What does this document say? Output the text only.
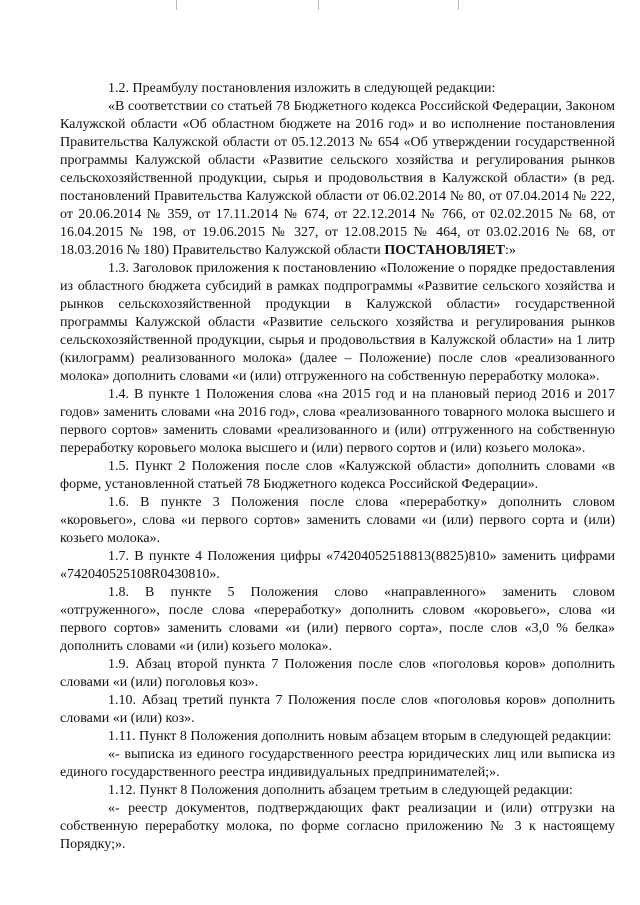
1.2. Преамбулу постановления изложить в следующей редакции:

«В соответствии со статьей 78 Бюджетного кодекса Российской Федерации, Законом Калужской области «Об областном бюджете на 2016 год» и во исполнение постановления Правительства Калужской области от 05.12.2013 № 654 «Об утверждении государственной программы Калужской области «Развитие сельского хозяйства и регулирования рынков сельскохозяйственной продукции, сырья и продовольствия в Калужской области» (в ред. постановлений Правительства Калужской области от 06.02.2014 № 80, от 07.04.2014 № 222, от 20.06.2014 № 359, от 17.11.2014 № 674, от 22.12.2014 № 766, от 02.02.2015 № 68, от 16.04.2015 № 198, от 19.06.2015 № 327, от 12.08.2015 № 464, от 03.02.2016 № 68, от 18.03.2016 № 180) Правительство Калужской области ПОСТАНОВЛЯЕТ:»

1.3. Заголовок приложения к постановлению «Положение о порядке предоставления из областного бюджета субсидий в рамках подпрограммы «Развитие сельского хозяйства и рынков сельскохозяйственной продукции в Калужской области» государственной программы Калужской области «Развитие сельского хозяйства и регулирования рынков сельскохозяйственной продукции, сырья и продовольствия в Калужской области» на 1 литр (килограмм) реализованного молока» (далее – Положение) после слов «реализованного молока» дополнить словами «и (или) отгруженного на собственную переработку молока».

1.4. В пункте 1 Положения слова «на 2015 год и на плановый период 2016 и 2017 годов» заменить словами «на 2016 год», слова «реализованного товарного молока высшего и первого сортов» заменить словами «реализованного и (или) отгруженного на собственную переработку коровьего молока высшего и (или) первого сортов и (или) козьего молока».

1.5. Пункт 2 Положения после слов «Калужской области» дополнить словами «в форме, установленной статьей 78 Бюджетного кодекса Российской Федерации».

1.6. В пункте 3 Положения после слова «переработку» дополнить словом «коровьего», слова «и первого сортов» заменить словами «и (или) первого сорта и (или) козьего молока».

1.7. В пункте 4 Положения цифры «74204052518813(8825)810» заменить цифрами «742040525108R0430810».

1.8. В пункте 5 Положения слово «направленного» заменить словом «отгруженного», после слова «переработку» дополнить словом «коровьего», слова «и первого сортов» заменить словами «и (или) первого сорта», после слов «3,0 % белка» дополнить словами «и (или) козьего молока».

1.9. Абзац второй пункта 7 Положения после слов «поголовья коров» дополнить словами «и (или) поголовья коз».

1.10. Абзац третий пункта 7 Положения после слов «поголовья коров» дополнить словами «и (или) коз».

1.11. Пункт 8 Положения дополнить новым абзацем вторым в следующей редакции:

«- выписка из единого государственного реестра юридических лиц или выписка из единого государственного реестра индивидуальных предпринимателей;».

1.12. Пункт 8 Положения дополнить абзацем третьим в следующей редакции:

«- реестр документов, подтверждающих факт реализации и (или) отгрузки на собственную переработку молока, по форме согласно приложению № 3 к настоящему Порядку;».
